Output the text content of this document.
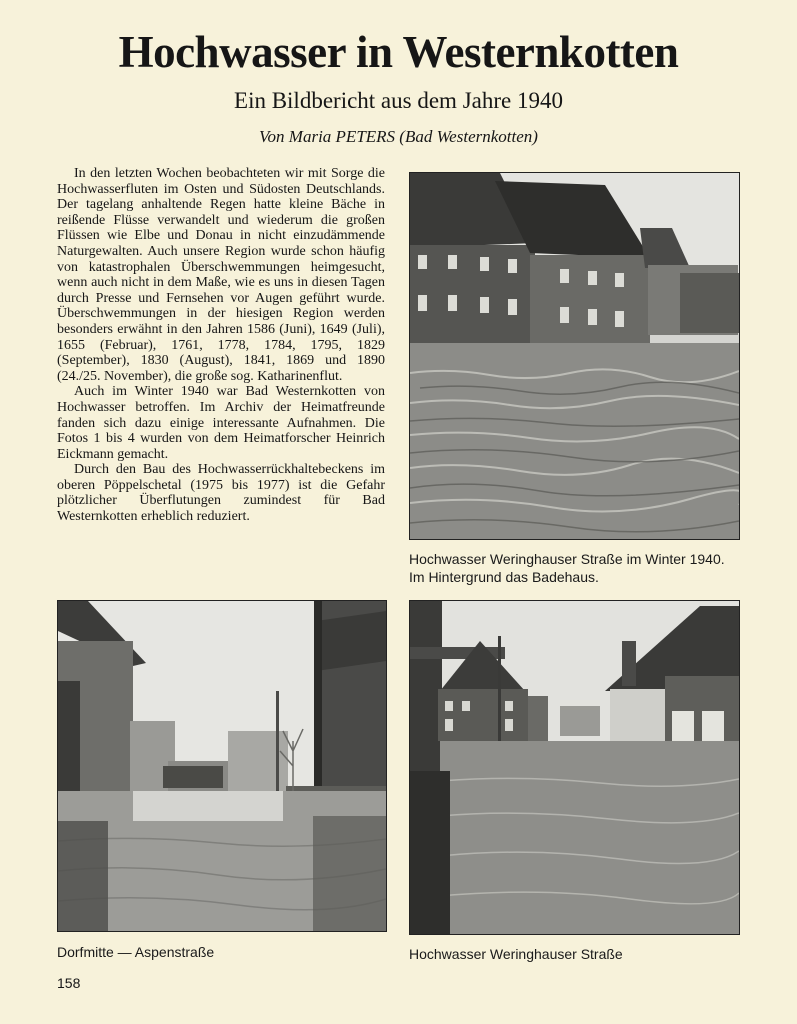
Hochwasser in Westernkotten
Ein Bildbericht aus dem Jahre 1940
Von Maria PETERS (Bad Westernkotten)

In den letzten Wochen beobachteten wir mit Sorge die Hochwasserfluten im Osten und Südosten Deutschlands. Der tagelang anhaltende Regen hatte kleine Bäche in reißende Flüsse verwandelt und wiederum die großen Flüssen wie Elbe und Donau in nicht einzudämmende Naturgewalten. Auch unsere Region wurde schon häufig von katastrophalen Überschwemmungen heimgesucht, wenn auch nicht in dem Maße, wie es uns in diesen Tagen durch Presse und Fernsehen vor Augen geführt wurde. Überschwemmungen in der hiesigen Region werden besonders erwähnt in den Jahren 1586 (Juni), 1649 (Juli), 1655 (Februar), 1761, 1778, 1784, 1795, 1829 (September), 1830 (August), 1841, 1869 und 1890 (24./25. November), die große sog. Katharinenflut.

Auch im Winter 1940 war Bad Westernkotten von Hochwasser betroffen. Im Archiv der Heimatfreunde fanden sich dazu einige interessante Aufnahmen. Die Fotos 1 bis 4 wurden von dem Heimatforscher Heinrich Eickmann gemacht.

Durch den Bau des Hochwasserrückhaltebeckens im oberen Pöppelschetal (1975 bis 1977) ist die Gefahr plötzlicher Überflutungen zumindest für Bad Westernkotten erheblich reduziert.

Hochwasser Weringhauser Straße im Winter 1940. Im Hintergrund das Badehaus.
Dorfmitte — Aspenstraße	Hochwasser Weringhauser Straße
158
